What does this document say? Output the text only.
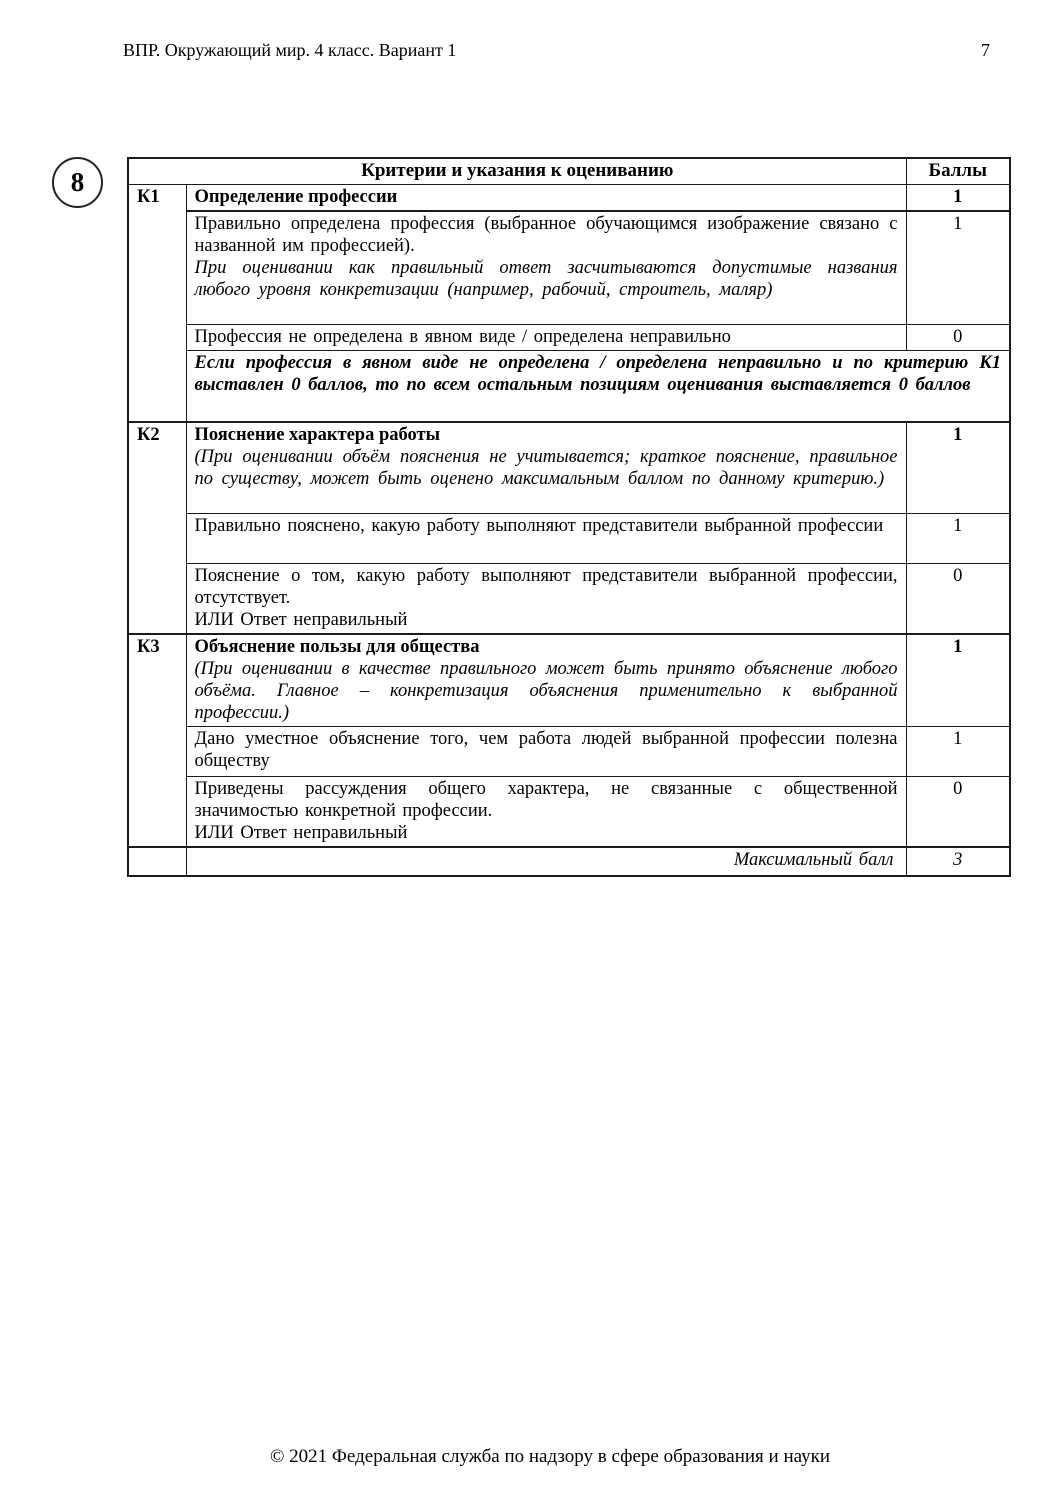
ВПР. Окружающий мир. 4 класс. Вариант 1	7
8	Критерии и указания к оцениванию		Баллы
К1	Определение профессии	1

	Правильно определена профессия (выбранное обучающимся изображение связано с названной им профессией).
При оценивании как правильный ответ засчитываются допустимые названия любого уровня конкретизации (например, рабочий, строитель, маляр)	1

	Профессия не определена в явном виде / определена неправильно	0

	Если профессия в явном виде не определена / определена неправильно и по критерию К1 выставлен 0 баллов, то по всем остальным позициям оценивания выставляется 0 баллов	

К2	Пояснение характера работы
(При оценивании объём пояснения не учитывается; краткое пояснение, правильное по существу, может быть оценено максимальным баллом по данному критерию.)	1

	Правильно пояснено, какую работу выполняют представители выбранной профессии	1

	Пояснение о том, какую работу выполняют представители выбранной профессии, отсутствует.
ИЛИ Ответ неправильный	0
К3	Объяснение пользы для общества
(При оценивании в качестве правильного может быть принято объяснение любого объёма. Главное – конкретизация объяснения применительно к выбранной профессии.)	1

	Дано уместное объяснение того, чем работа людей выбранной профессии полезна обществу	1

	Приведены рассуждения общего характера, не связанные с общественной значимостью конкретной профессии.
ИЛИ Ответ неправильный	0

	Максимальный балл	3
© 2021 Федеральная служба по надзору в сфере образования и науки
